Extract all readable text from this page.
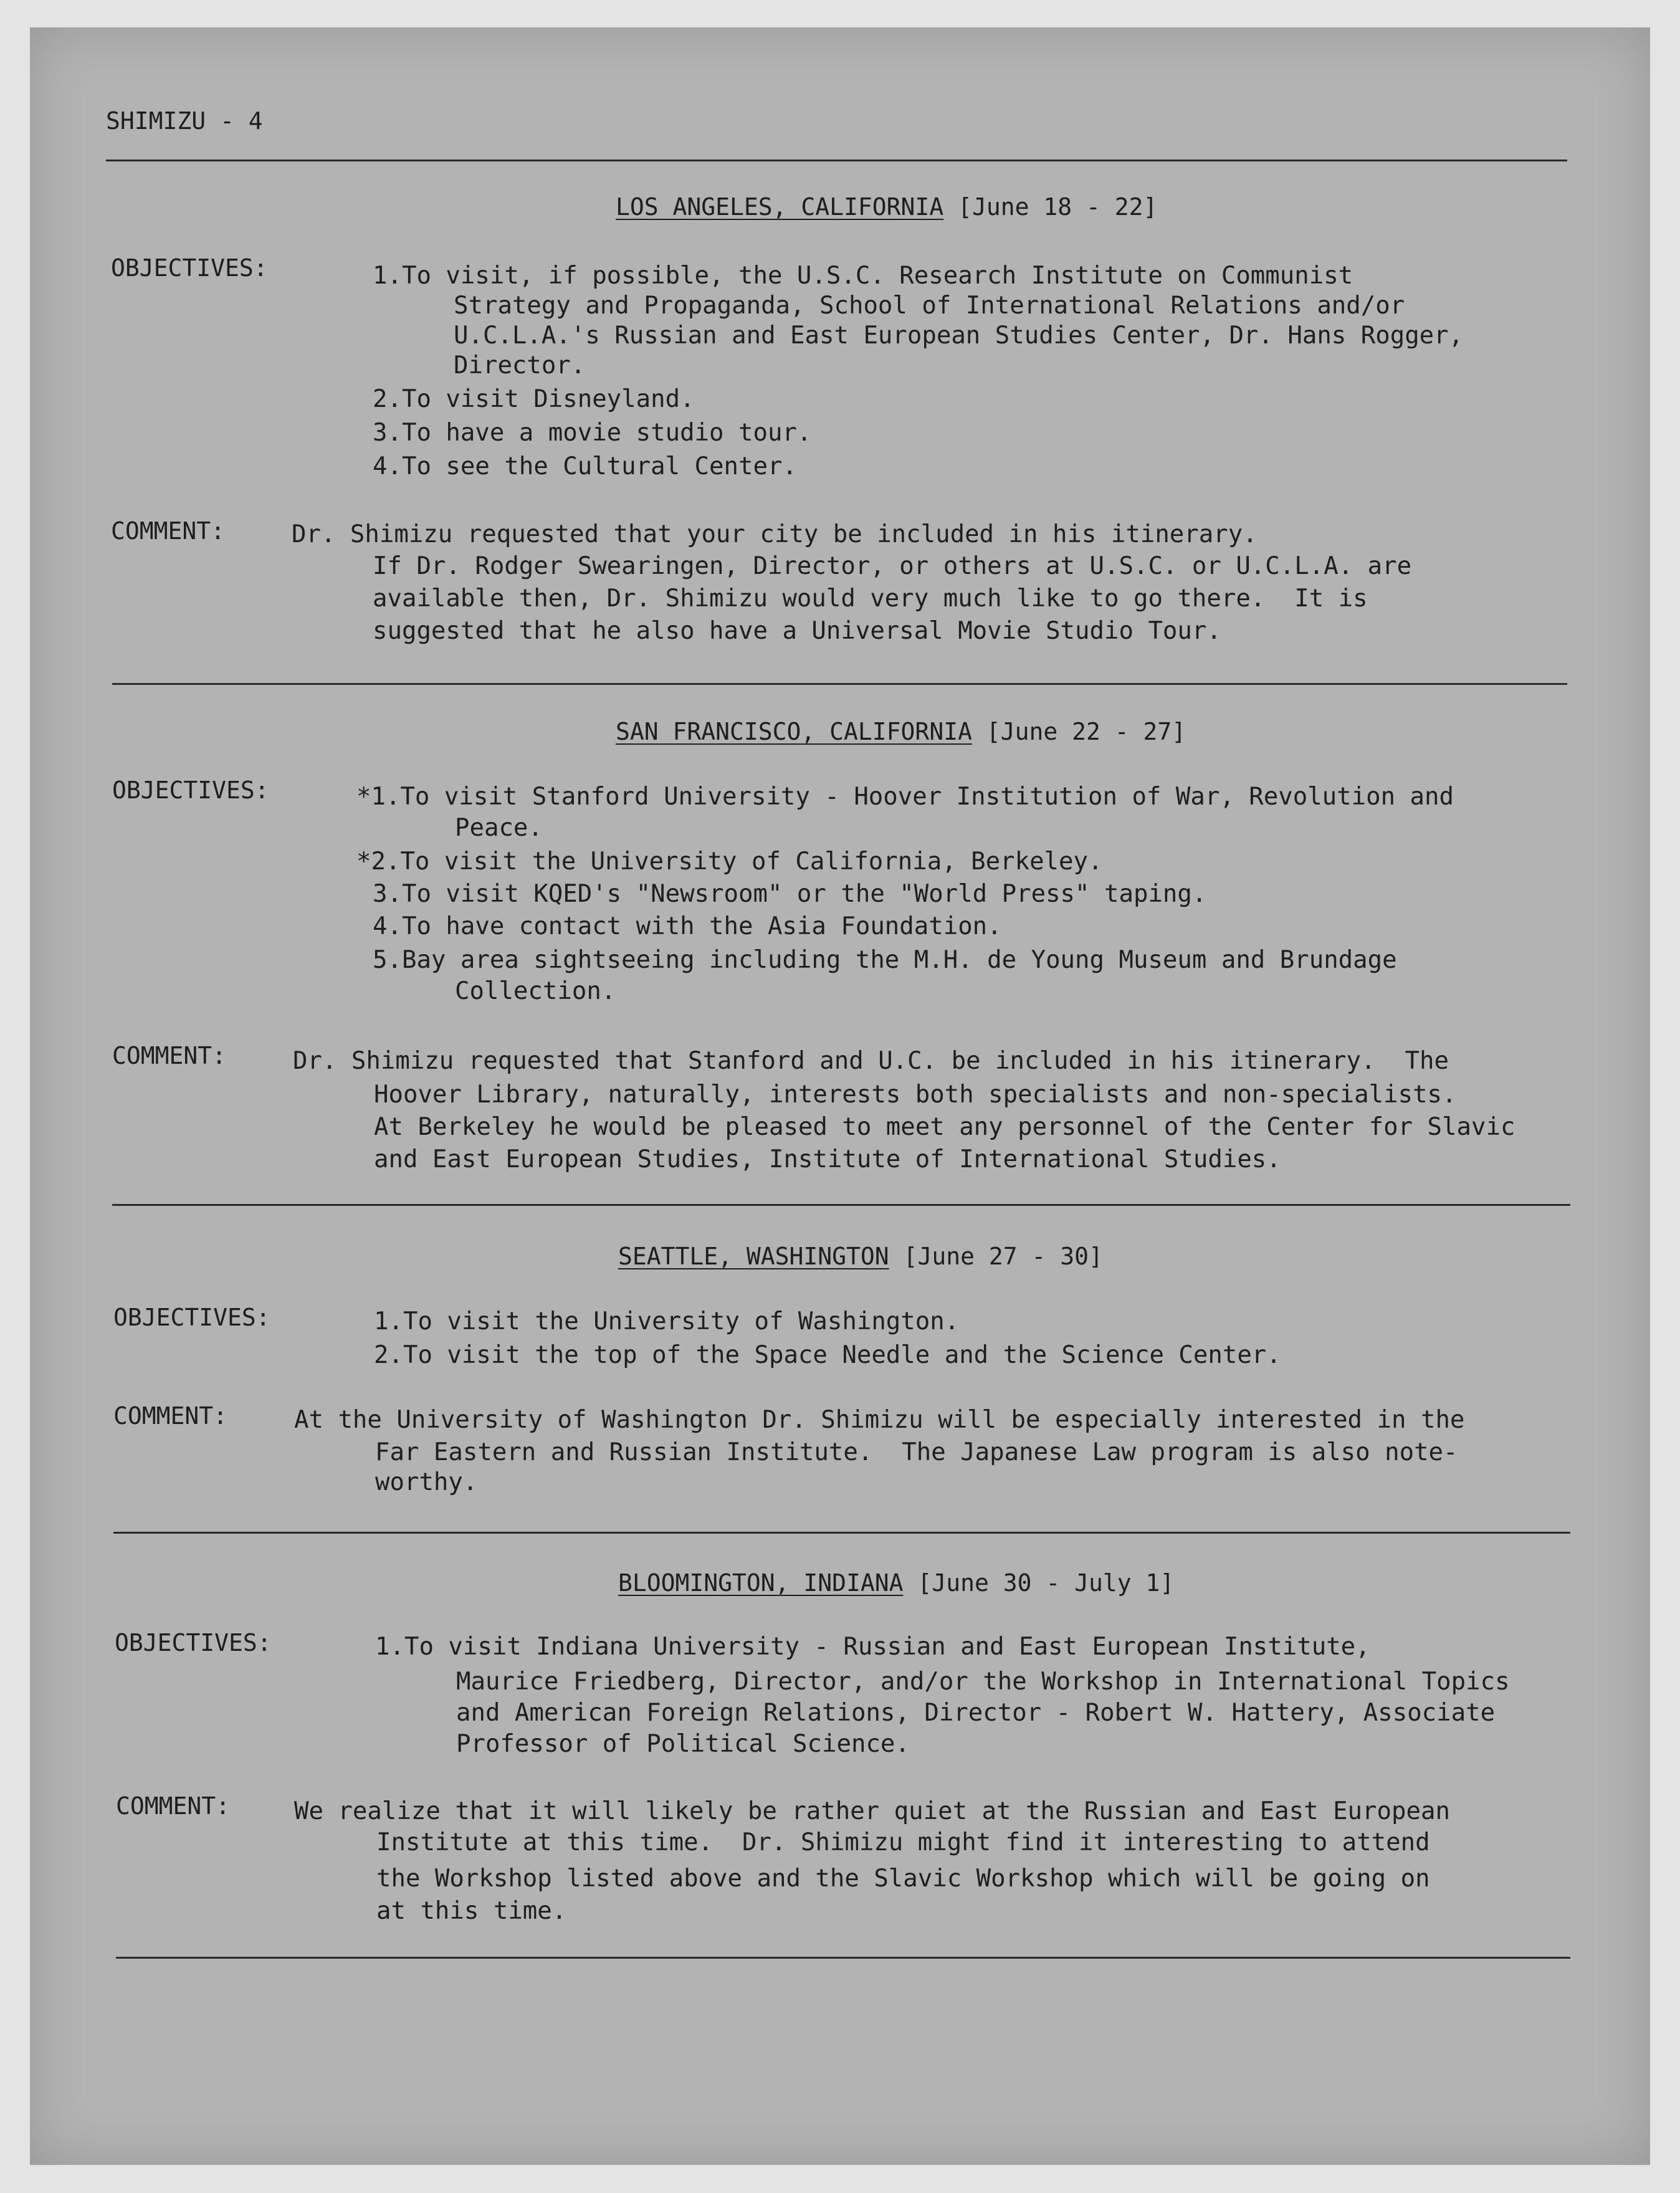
SHIMIZU - 4
LOS ANGELES, CALIFORNIA [June 18 - 22]
OBJECTIVES:	1.To visit, if possible, the U.S.C. Research Institute on Communist
Strategy and Propaganda, School of International Relations and/or
U.C.L.A.'s Russian and East European Studies Center, Dr. Hans Rogger,
Director.
2.To visit Disneyland.
3.To have a movie studio tour.
4.To see the Cultural Center.
COMMENT:	Dr. Shimizu requested that your city be included in his itinerary.
If Dr. Rodger Swearingen, Director, or others at U.S.C. or U.C.L.A. are
available then, Dr. Shimizu would very much like to go there.  It is
suggested that he also have a Universal Movie Studio Tour.
SAN FRANCISCO, CALIFORNIA [June 22 - 27]
OBJECTIVES:	*1.To visit Stanford University - Hoover Institution of War, Revolution and
Peace.
*2.To visit the University of California, Berkeley.
3.To visit KQED's "Newsroom" or the "World Press" taping.
4.To have contact with the Asia Foundation.
5.Bay area sightseeing including the M.H. de Young Museum and Brundage
Collection.
COMMENT:	Dr. Shimizu requested that Stanford and U.C. be included in his itinerary.  The
Hoover Library, naturally, interests both specialists and non-specialists.
At Berkeley he would be pleased to meet any personnel of the Center for Slavic
and East European Studies, Institute of International Studies.
SEATTLE, WASHINGTON [June 27 - 30]
OBJECTIVES:	1.To visit the University of Washington.
2.To visit the top of the Space Needle and the Science Center.
COMMENT:	At the University of Washington Dr. Shimizu will be especially interested in the
Far Eastern and Russian Institute.  The Japanese Law program is also note-
worthy.
BLOOMINGTON, INDIANA [June 30 - July 1]
OBJECTIVES:	1.To visit Indiana University - Russian and East European Institute,
Maurice Friedberg, Director, and/or the Workshop in International Topics
and American Foreign Relations, Director - Robert W. Hattery, Associate
Professor of Political Science.
COMMENT:	We realize that it will likely be rather quiet at the Russian and East European
Institute at this time.  Dr. Shimizu might find it interesting to attend
the Workshop listed above and the Slavic Workshop which will be going on
at this time.
